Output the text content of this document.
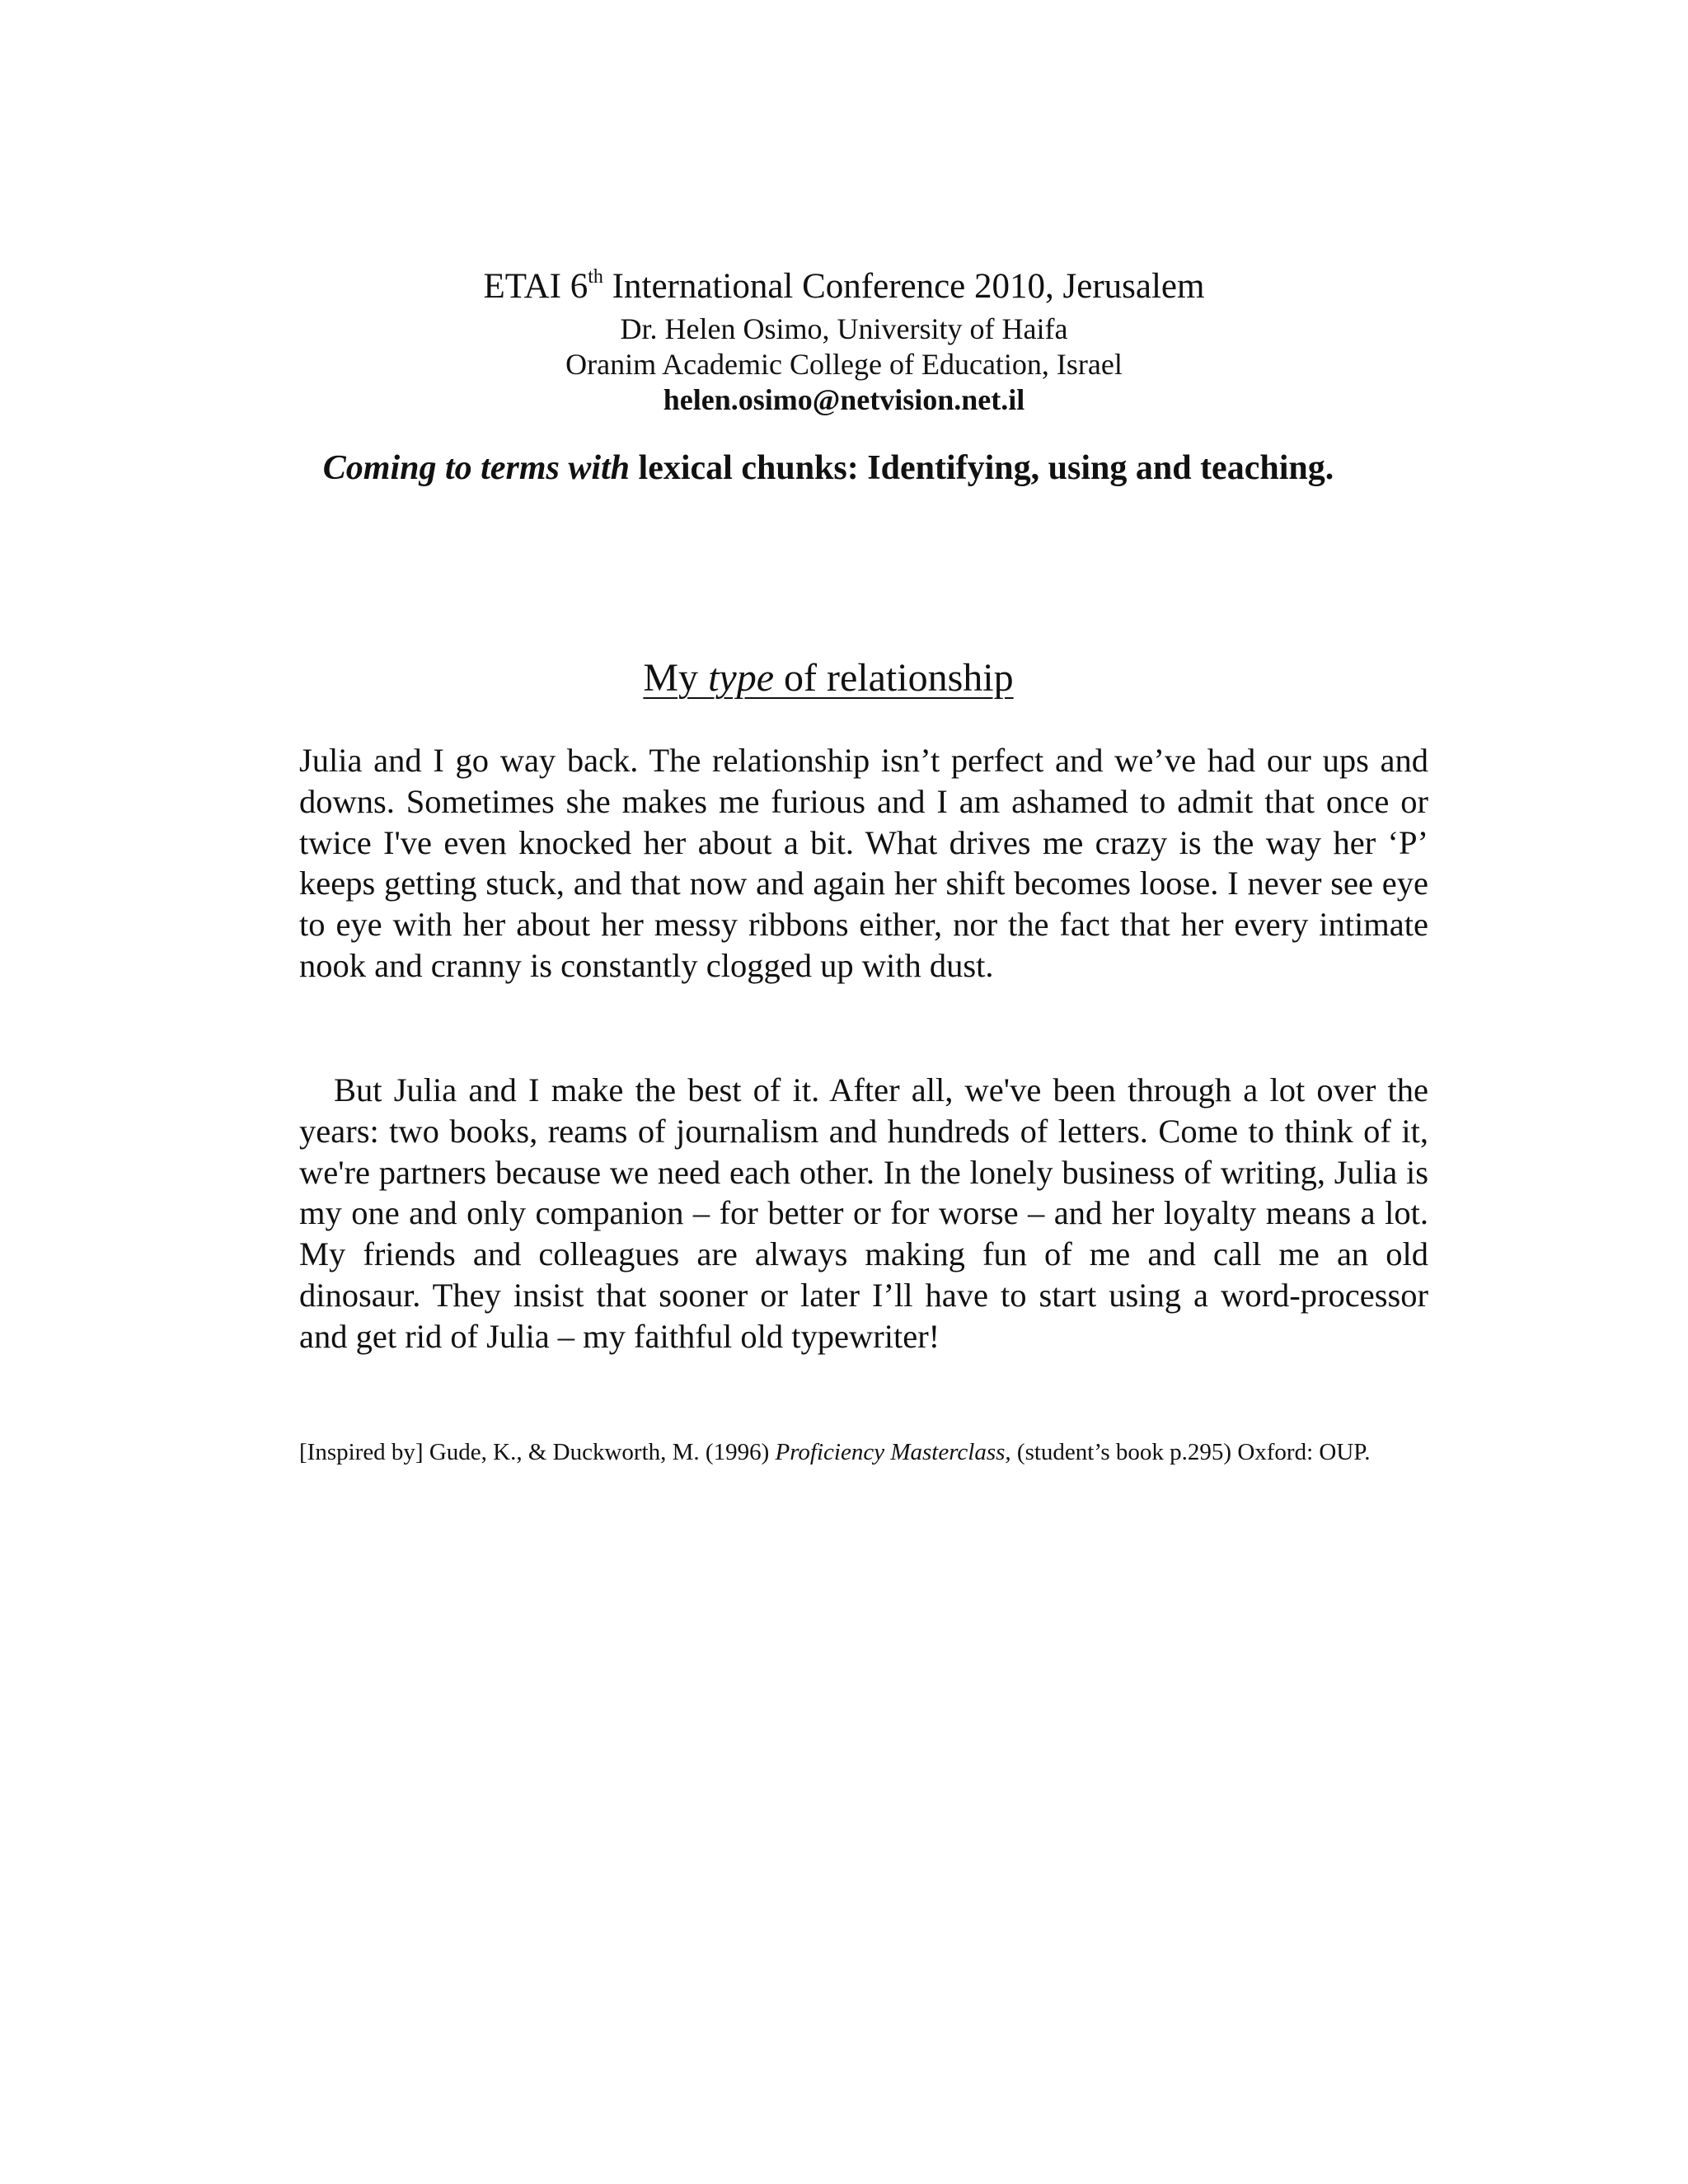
ETAI 6th International Conference 2010, Jerusalem

Dr. Helen Osimo, University of Haifa

Oranim Academic College of Education, Israel

helen.osimo@netvision.net.il

Coming to terms with lexical chunks: Identifying, using and teaching.

My type of relationship

Julia and I go way back. The relationship isn’t perfect and we’ve had our ups and downs. Sometimes she makes me furious and I am ashamed to admit that once or twice I've even knocked her about a bit. What drives me crazy is the way her ‘P’ keeps getting stuck, and that now and again her shift becomes loose. I never see eye to eye with her about her messy ribbons either, nor the fact that her every intimate nook and cranny is constantly clogged up with dust.

But Julia and I make the best of it. After all, we've been through a lot over the years: two books, reams of journalism and hundreds of letters. Come to think of it, we're partners because we need each other. In the lonely business of writing, Julia is my one and only companion – for better or for worse – and her loyalty means a lot. My friends and colleagues are always making fun of me and call me an old dinosaur. They insist that sooner or later I’ll have to start using a word-processor and get rid of Julia – my faithful old typewriter!

[Inspired by] Gude, K., & Duckworth, M. (1996) Proficiency Masterclass, (student’s book p.295) Oxford: OUP.
